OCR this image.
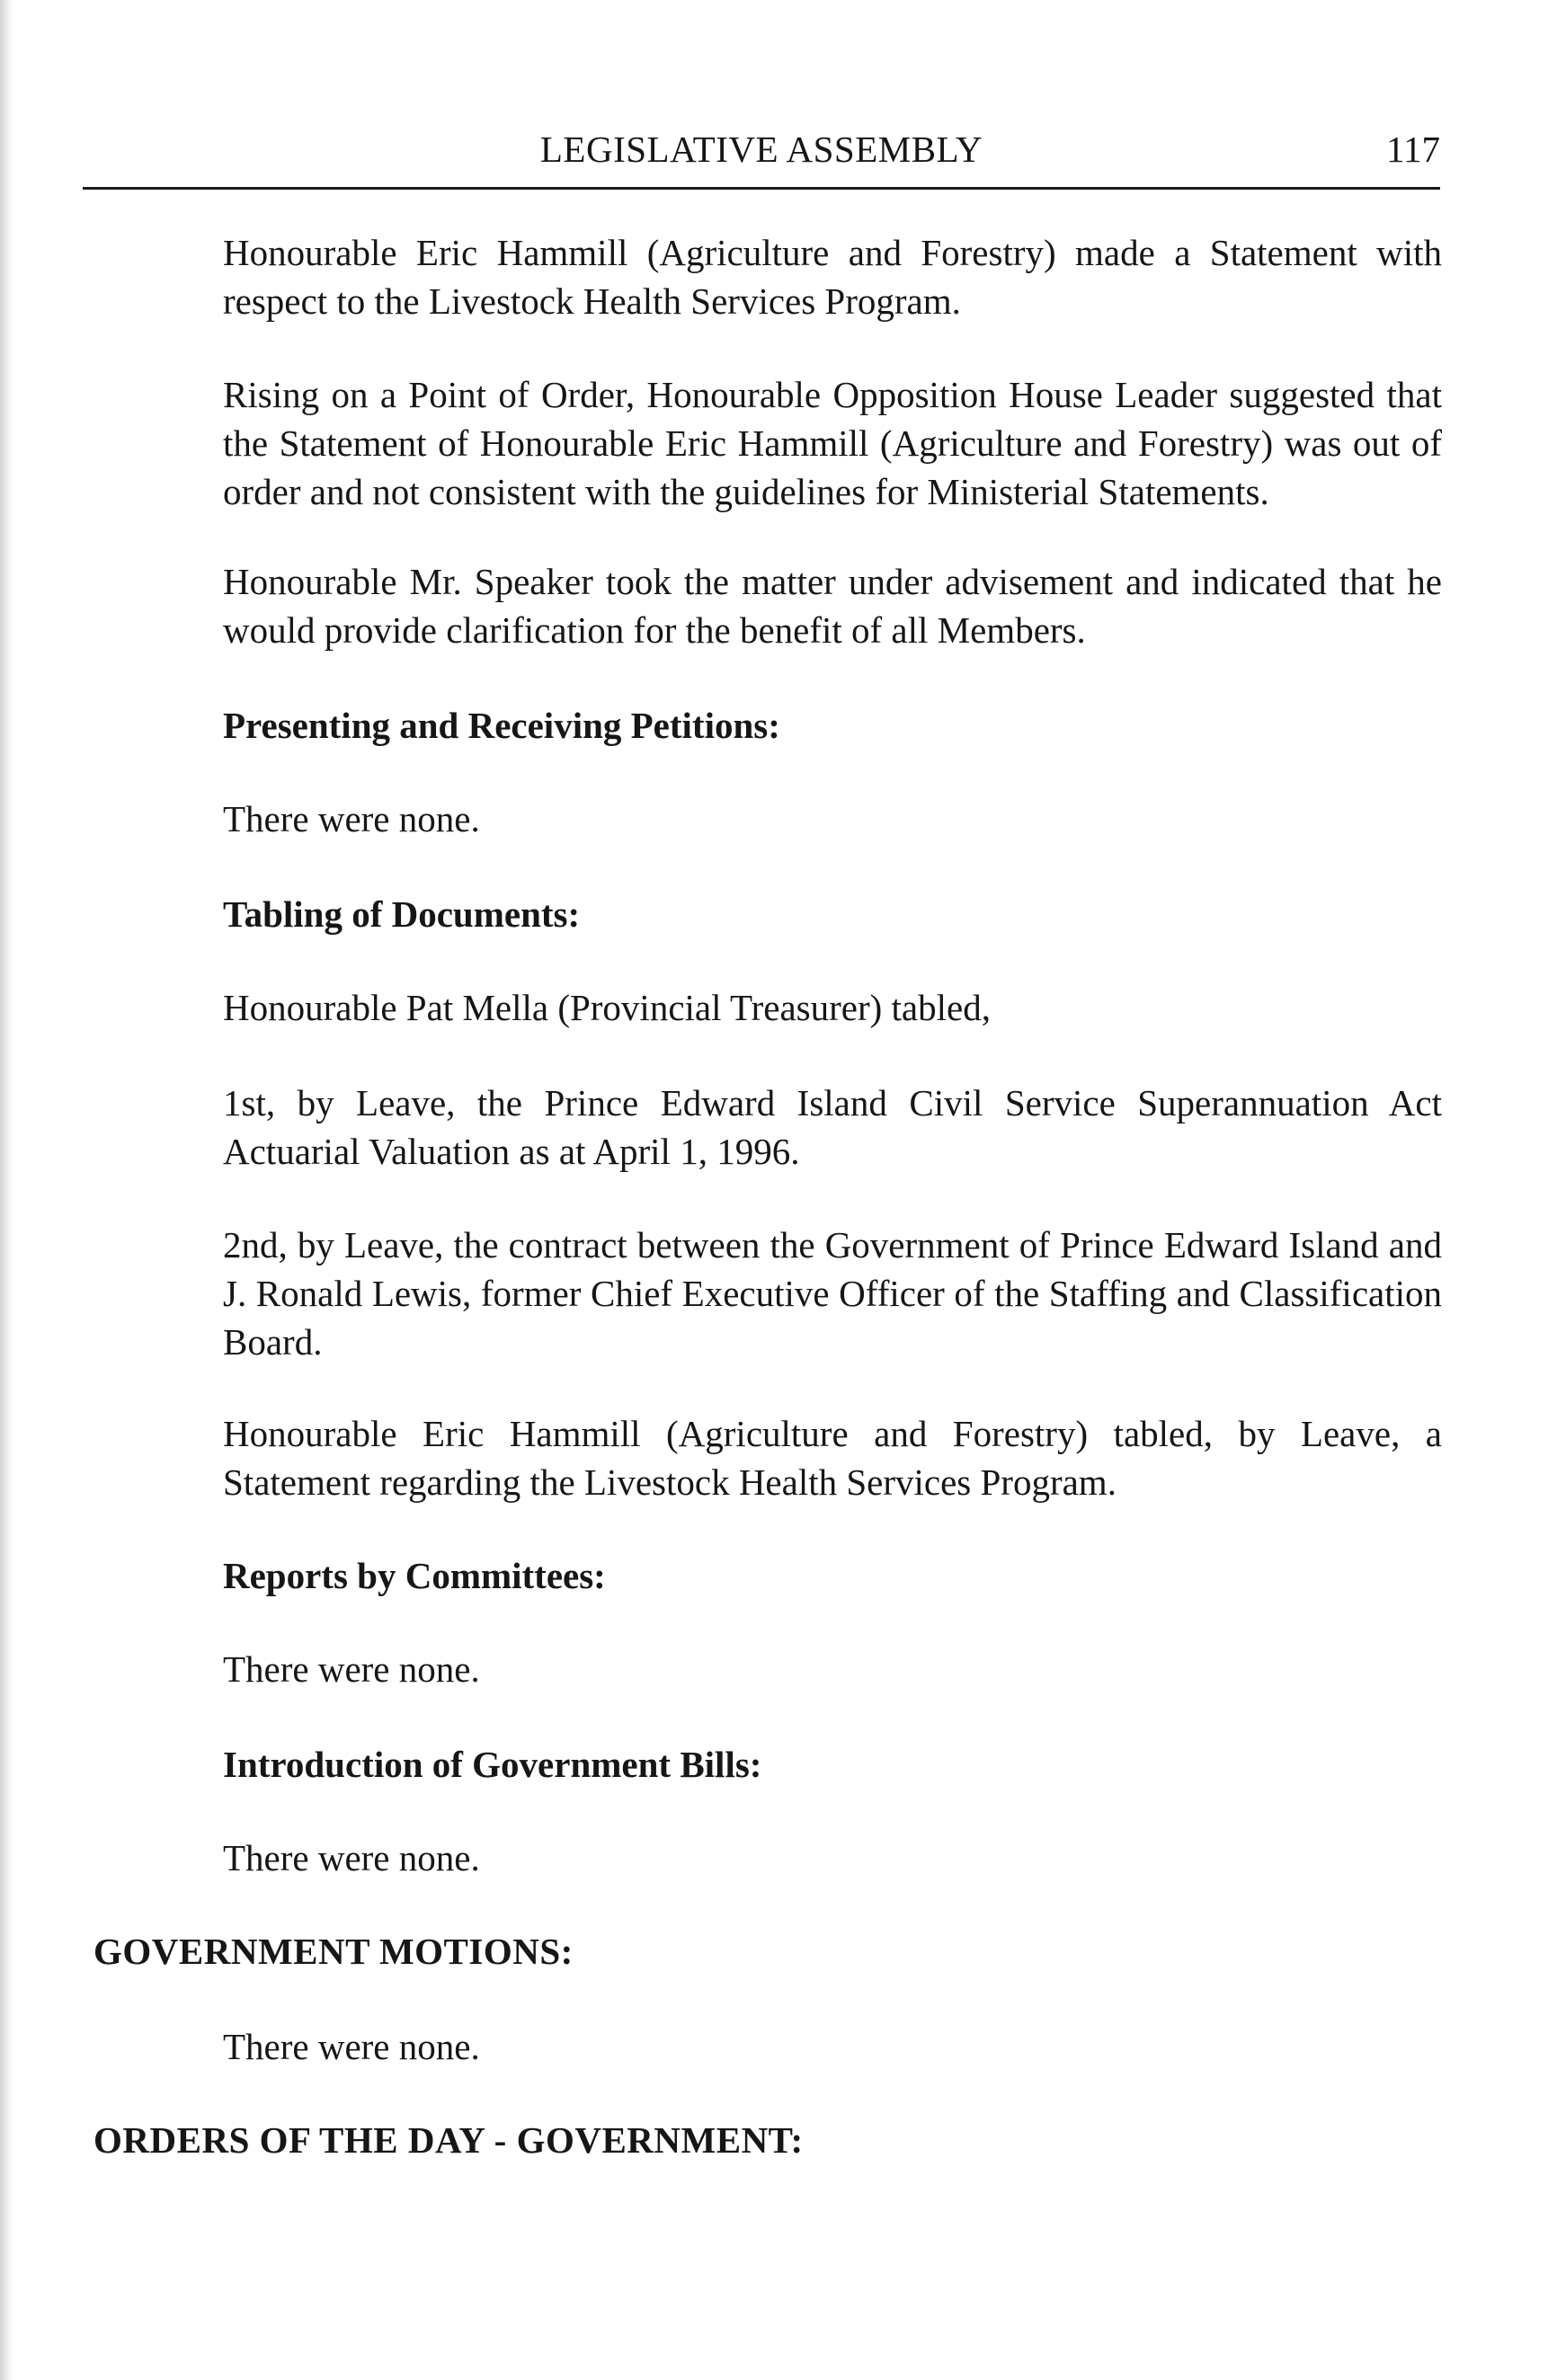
LEGISLATIVE ASSEMBLY	117

Honourable Eric Hammill (Agriculture and Forestry) made a Statement with respect to the Livestock Health Services Program.

Rising on a Point of Order, Honourable Opposition House Leader suggested that the Statement of Honourable Eric Hammill (Agriculture and Forestry) was out of order and not consistent with the guidelines for Ministerial Statements.

Honourable Mr. Speaker took the matter under advisement and indicated that he would provide clarification for the benefit of all Members.

Presenting and Receiving Petitions:

There were none.

Tabling of Documents:

Honourable Pat Mella (Provincial Treasurer) tabled,

1st, by Leave, the Prince Edward Island Civil Service Superannuation Act Actuarial Valuation as at April 1, 1996.

2nd, by Leave, the contract between the Government of Prince Edward Island and J. Ronald Lewis, former Chief Executive Officer of the Staffing and Classification Board.

Honourable Eric Hammill (Agriculture and Forestry) tabled, by Leave, a Statement regarding the Livestock Health Services Program.

Reports by Committees:

There were none.

Introduction of Government Bills:

There were none.

GOVERNMENT MOTIONS:

There were none.

ORDERS OF THE DAY - GOVERNMENT:
